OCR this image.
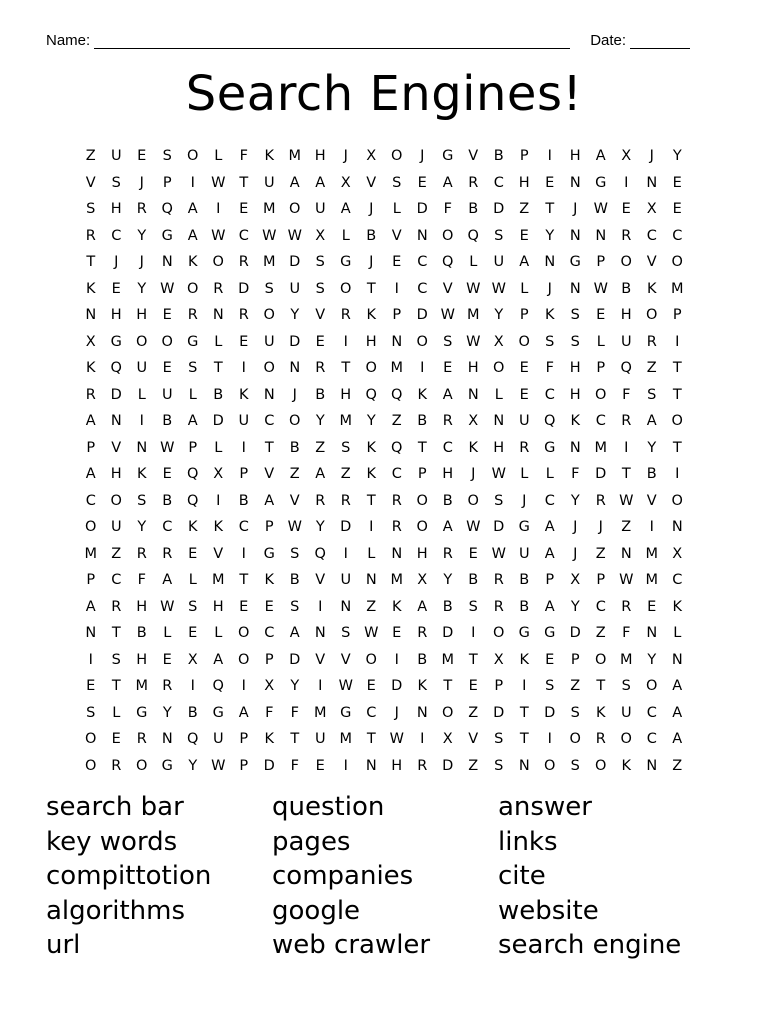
Name:	Date:
Search Engines!
Z	U	E	S	O	L	F	K M H	J	X	O	J	G	V	B	P	I	H	A	X	J	Y
V	S	J	P	I	W T	U	A	A	X	V	S	E	A	R	C	H	E	N G	I	N	E
S	H	R	Q	A	I	E	M O U	A	J	L	D	F	B	D	Z	T	J	W E	X	E
R	C	Y	G	A W C W W X	L	B	V	N O Q	S	E	Y	N	N	R	C	C
T	J	J	N	K	O	R M D	S	G	J	E	C	Q	L	U	A	N G	P	O	V	O
K	E	Y W O	R	D	S	U	S	O	T	I	C	V W W L	J	N W B	K M
N	H	H	E	R	N	R	O	Y	V	R	K	P	D W M	Y	P	K	S	E	H O	P
X	G O O G	L	E	U	D	E	I	H	N O	S W X	O	S	S	L	U	R	I
K	Q U	E	S	T	I	O N	R	T	O M	I	E	H O	E	F	H	P	Q	Z	T
R	D	L	U	L	B	K	N	J	B	H Q Q	K	A	N	L	E	C	H O	F	S	T
A	N	I	B	A	D	U	C	O	Y	M	Y	Z	B	R	X	N	U Q	K	C	R	A	O
P	V	N W P	L	I	T	B	Z	S	K	Q	T	C	K	H	R	G N M	I	Y	T
A	H	K	E	Q	X	P	V	Z	A	Z	K	C	P	H	J	W L	L	F	D	T	B	I
C	O	S	B	Q	I	B	A	V	R	R	T	R	O	B	O	S	J	C	Y	R W V	O
O U	Y	C	K	K	C	P W Y	D	I	R	O	A W D G	A	J	J	Z	I	N
M Z	R	R	E	V	I	G	S	Q	I	L	N	H	R	E W U	A	J	Z	N M X
P	C	F	A	L	M	T	K	B	V	U	N M X	Y	B	R	B	P	X	P W M C
A	R	H W S	H	E	E	S	I	N	Z	K	A	B	S	R	B	A	Y	C	R	E	K
N	T	B	L	E	L	O	C	A	N	S W E	R	D	I	O G G D	Z	F	N	L
I	S	H	E	X	A	O	P	D	V	V	O	I	B M	T	X	K	E	P	O M	Y	N
E	T	M R	I	Q	I	X	Y	I	W E	D	K	T	E	P	I	S	Z	T	S	O	A
S	L	G	Y	B	G	A	F	F	M G	C	J	N O	Z	D	T	D	S	K	U	C	A
O	E	R	N Q U	P	K	T	U M	T W	I	X	V	S	T	I	O	R	O	C	A
O	R	O G	Y W P	D	F	E	I	N	H	R	D	Z	S	N O	S	O	K	N	Z
search bar	question	answer
key words	pages	links
compittotion	companies	cite
algorithms	google	website
url	web crawler	search engine
